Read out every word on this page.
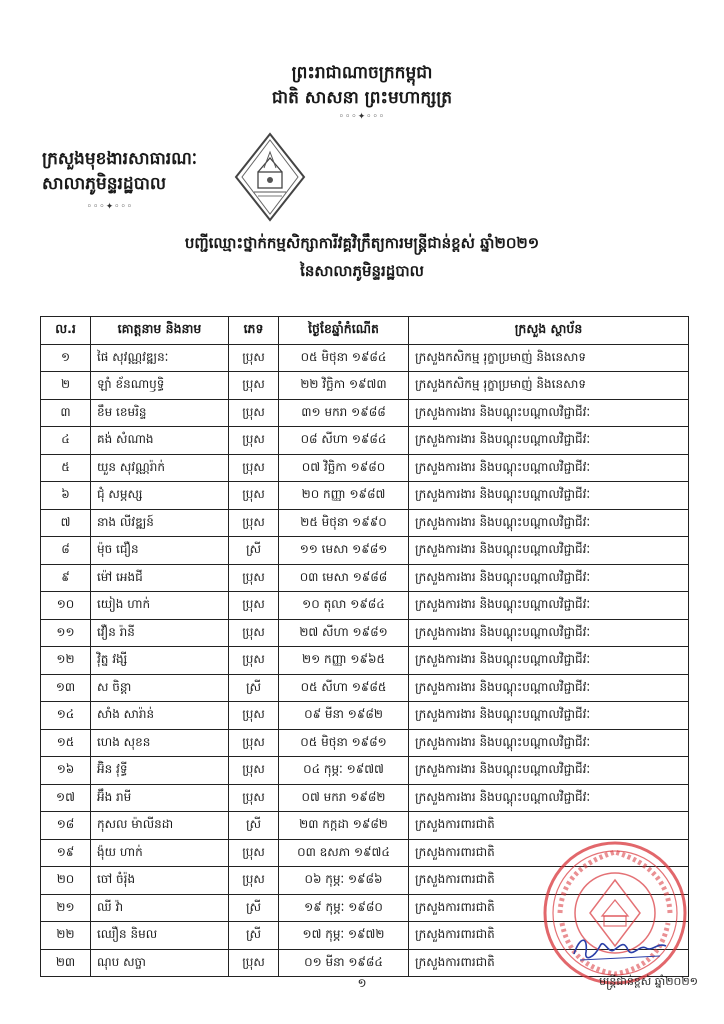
ព្រះរាជាណាចក្រកម្ពុជា
ជាតិ សាសនា ព្រះមហាក្សត្រ
◦◦◦✦◦◦◦
ក្រសួងមុខងារសាធារណៈ
សាលាភូមិន្ទរដ្ឋបាល
◦◦◦✦◦◦◦
បញ្ជីឈ្មោះថ្នាក់កម្មសិក្សាការីវគ្គវិក្រឹត្យការមន្ត្រីជាន់ខ្ពស់ ឆ្នាំ២០២១
នៃសាលាភូមិន្ទរដ្ឋបាល
ល.រ	គោត្តនាម និងនាម	ភេទ	ថ្ងៃខែឆ្នាំកំណើត	ក្រសួង ស្ថាប័ន
១	ផៃ សុវណ្ណវឌ្ឍនៈ	ប្រុស	០៥ មិថុនា ១៩៨៤	ក្រសួងកសិកម្ម រុក្ខាប្រមាញ់ និងនេសាទ
២	ឡាំ ខ័នណាឫទ្ធិ	ប្រុស	២២ វិច្ឆិកា ១៩៧៣	ក្រសួងកសិកម្ម រុក្ខាប្រមាញ់ និងនេសាទ
៣	ខឹម ខេមរិន្ទ	ប្រុស	៣១ មករា ១៩៨៨	ក្រសួងការងារ និងបណ្តុះបណ្តាលវិជ្ជាជីវៈ
៤	គង់ សំណាង	ប្រុស	០៨ សីហា ១៩៨៤	ក្រសួងការងារ និងបណ្តុះបណ្តាលវិជ្ជាជីវៈ
៥	យួន សុវណ្ណរ៉ាក់	ប្រុស	០៧ វិច្ឆិកា ១៩៨០	ក្រសួងការងារ និងបណ្តុះបណ្តាលវិជ្ជាជីវៈ
៦	ជុំ សម្ភស្ស	ប្រុស	២០ កញ្ញា ១៩៨៧	ក្រសួងការងារ និងបណ្តុះបណ្តាលវិជ្ជាជីវៈ
៧	នាង លីវឌ្ឍន៍	ប្រុស	២៥ មិថុនា ១៩៩០	ក្រសួងការងារ និងបណ្តុះបណ្តាលវិជ្ជាជីវៈ
៨	ម៉ុច ជឿន	ស្រី	១១ មេសា ១៩៨១	ក្រសួងការងារ និងបណ្តុះបណ្តាលវិជ្ជាជីវៈ
៩	ម៉ៅ អេងជី	ប្រុស	០៣ មេសា ១៩៨៨	ក្រសួងការងារ និងបណ្តុះបណ្តាលវិជ្ជាជីវៈ
១០	យៀង ហាក់	ប្រុស	១០ តុលា ១៩៨៤	ក្រសួងការងារ និងបណ្តុះបណ្តាលវិជ្ជាជីវៈ
១១	វឿន រ៉ានី	ប្រុស	២៧ សីហា ១៩៨១	ក្រសួងការងារ និងបណ្តុះបណ្តាលវិជ្ជាជីវៈ
១២	វ៉ិត្ន វង្សី	ប្រុស	២១ កញ្ញា ១៩៦៥	ក្រសួងការងារ និងបណ្តុះបណ្តាលវិជ្ជាជីវៈ
១៣	ស ចិន្តា	ស្រី	០៥ សីហា ១៩៨៥	ក្រសួងការងារ និងបណ្តុះបណ្តាលវិជ្ជាជីវៈ
១៤	សាំង សារ៉ាន់	ប្រុស	០៩ មីនា ១៩៨២	ក្រសួងការងារ និងបណ្តុះបណ្តាលវិជ្ជាជីវៈ
១៥	ហេង សុខន	ប្រុស	០៥ មិថុនា ១៩៨១	ក្រសួងការងារ និងបណ្តុះបណ្តាលវិជ្ជាជីវៈ
១៦	អ៊ិន វុទ្ធី	ប្រុស	០៤ កុម្ភៈ ១៩៧៧	ក្រសួងការងារ និងបណ្តុះបណ្តាលវិជ្ជាជីវៈ
១៧	អ៊ឹង រាមី	ប្រុស	០៧ មករា ១៩៨២	ក្រសួងការងារ និងបណ្តុះបណ្តាលវិជ្ជាជីវៈ
១៨	កុសល ម៉ាលីនដា	ស្រី	២៣ កក្កដា ១៩៨២	ក្រសួងការពារជាតិ
១៩	ង៉ុយ ហាក់	ប្រុស	០៣ ឧសភា ១៩៧៤	ក្រសួងការពារជាតិ
២០	ចៅ ចំរ៉ុង	ប្រុស	០៦ កុម្ភៈ ១៩៨៦	ក្រសួងការពារជាតិ
២១	ឈី វ៉ា	ស្រី	១៩ កុម្ភៈ ១៩៨០	ក្រសួងការពារជាតិ
២២	ឈឿន និមល	ស្រី	១៧ កុម្ភៈ ១៩៧២	ក្រសួងការពារជាតិ
២៣	ណុប សច្ចា	ប្រុស	០១ មីនា ១៩៨៤	ក្រសួងការពារជាតិ
១	មន្ត្រីជាន់ខ្ពស់ ឆ្នាំ២០២១
